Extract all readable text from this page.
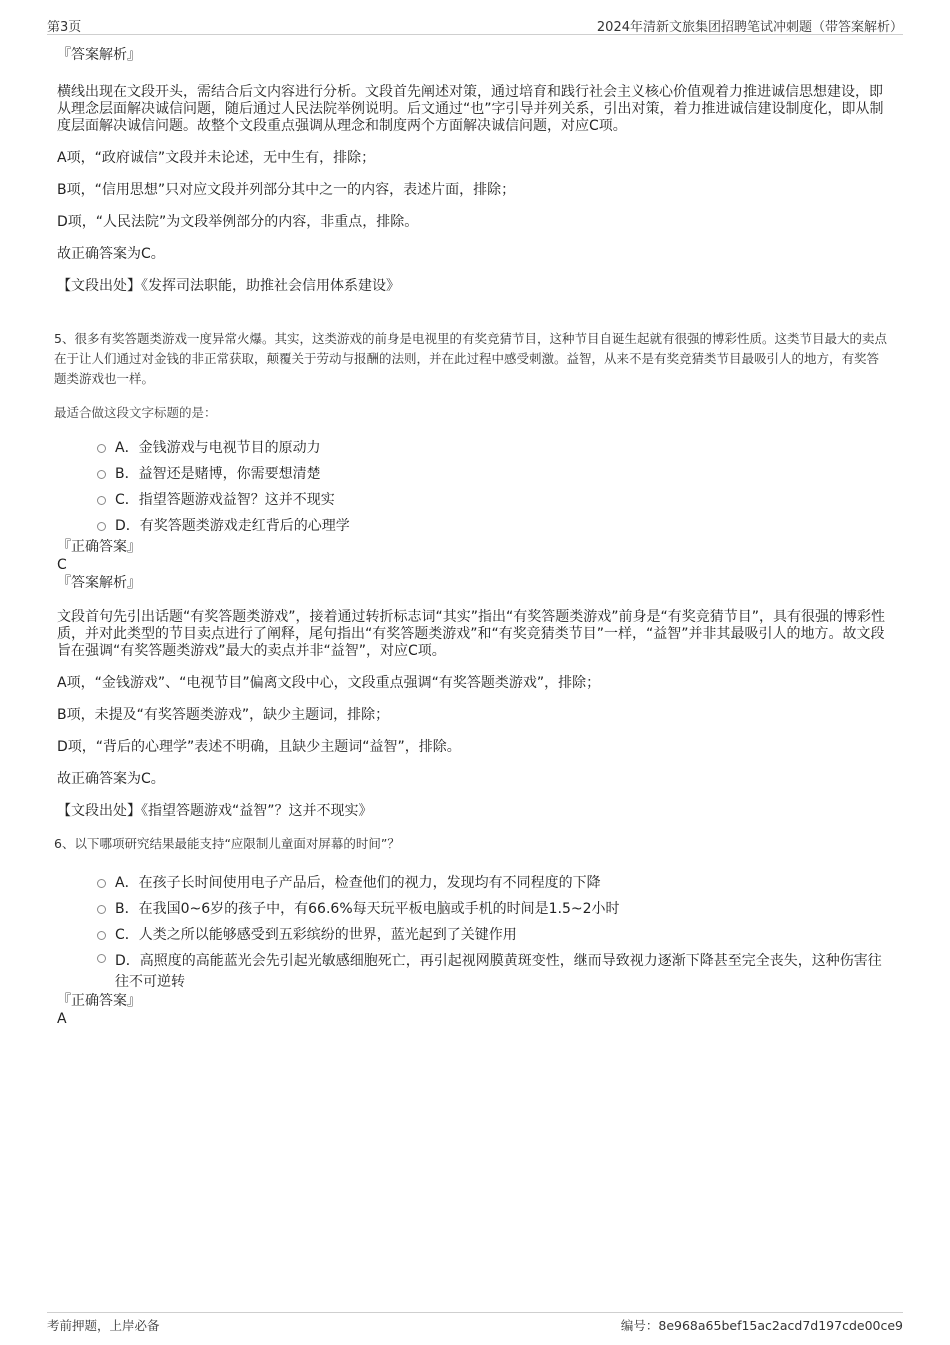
第3页	2024年清新文旅集团招聘笔试冲刺题（带答案解析）

『答案解析』

横线出现在文段开头，需结合后文内容进行分析。文段首先阐述对策，通过培育和践行社会主义核心价值观着力推进诚信思想建设，即从理念层面解决诚信问题，随后通过人民法院举例说明。后文通过“也”字引导并列关系，引出对策，着力推进诚信建设制度化，即从制度层面解决诚信问题。故整个文段重点强调从理念和制度两个方面解决诚信问题，对应C项。

A项，“政府诚信”文段并未论述，无中生有，排除；

B项，“信用思想”只对应文段并列部分其中之一的内容，表述片面，排除；

D项，“人民法院”为文段举例部分的内容，非重点，排除。

故正确答案为C。

【文段出处】《发挥司法职能，助推社会信用体系建设》

5、很多有奖答题类游戏一度异常火爆。其实，这类游戏的前身是电视里的有奖竞猜节目，这种节目自诞生起就有很强的博彩性质。这类节目最大的卖点在于让人们通过对金钱的非正常获取，颠覆关于劳动与报酬的法则，并在此过程中感受刺激。益智，从来不是有奖竞猜类节目最吸引人的地方，有奖答题类游戏也一样。

最适合做这段文字标题的是：

A．金钱游戏与电视节目的原动力
B．益智还是赌博，你需要想清楚
C．指望答题游戏益智？这并不现实
D．有奖答题类游戏走红背后的心理学

『正确答案』

C

『答案解析』

文段首句先引出话题“有奖答题类游戏”，接着通过转折标志词“其实”指出“有奖答题类游戏”前身是“有奖竞猜节目”，具有很强的博彩性质，并对此类型的节目卖点进行了阐释，尾句指出“有奖答题类游戏”和“有奖竞猜类节目”一样，“益智”并非其最吸引人的地方。故文段旨在强调“有奖答题类游戏”最大的卖点并非“益智”，对应C项。

A项，“金钱游戏”、“电视节目”偏离文段中心，文段重点强调“有奖答题类游戏”，排除；

B项，未提及“有奖答题类游戏”，缺少主题词，排除；

D项，“背后的心理学”表述不明确，且缺少主题词“益智”，排除。

故正确答案为C。

【文段出处】《指望答题游戏“益智”？这并不现实》

6、以下哪项研究结果最能支持“应限制儿童面对屏幕的时间”？

A．在孩子长时间使用电子产品后，检查他们的视力，发现均有不同程度的下降
B．在我国0~6岁的孩子中，有66.6%每天玩平板电脑或手机的时间是1.5~2小时
C．人类之所以能够感受到五彩缤纷的世界，蓝光起到了关键作用
D．高照度的高能蓝光会先引起光敏感细胞死亡，再引起视网膜黄斑变性，继而导致视力逐渐下降甚至完全丧失，这种伤害往往不可逆转

『正确答案』

A

考前押题，上岸必备	编号：8e968a65bef15ac2acd7d197cde00ce9
